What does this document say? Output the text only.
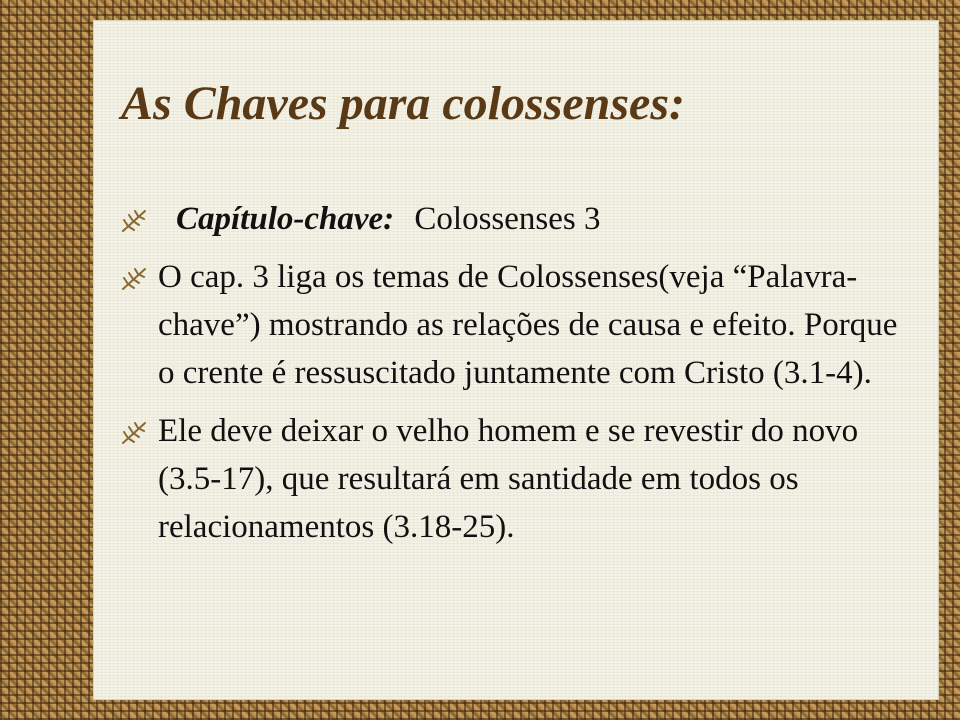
As Chaves para colossenses:
Capítulo-chave: Colossenses 3
O cap. 3 liga os temas de Colossenses(veja “Palavra-chave”) mostrando as relações de causa e efeito. Porque o crente é ressuscitado juntamente com Cristo (3.1-4).
Ele deve deixar o velho homem e se revestir do novo (3.5-17), que resultará em santidade em todos os relacionamentos (3.18-25).
